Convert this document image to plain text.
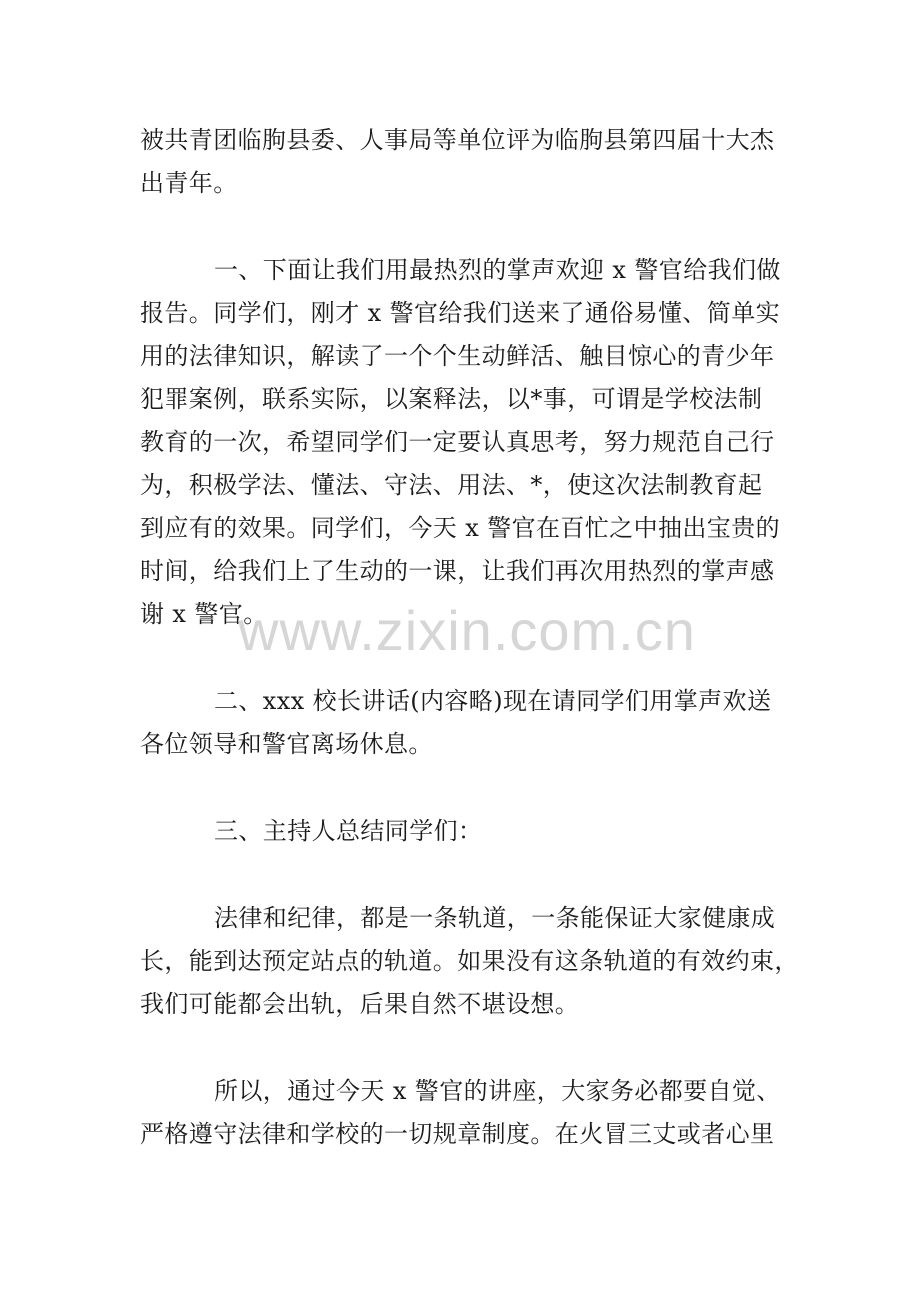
被共青团临朐县委、人事局等单位评为临朐县第四届十大杰
出青年。
一、下面让我们用最热烈的掌声欢迎 x 警官给我们做
报告。同学们，刚才 x 警官给我们送来了通俗易懂、简单实
用的法律知识，解读了一个个生动鲜活、触目惊心的青少年
犯罪案例，联系实际，以案释法，以*事，可谓是学校法制
教育的一次，希望同学们一定要认真思考，努力规范自己行
为，积极学法、懂法、守法、用法、*，使这次法制教育起
到应有的效果。同学们，今天 x 警官在百忙之中抽出宝贵的
时间，给我们上了生动的一课，让我们再次用热烈的掌声感
谢 x 警官。
二、xxx 校长讲话(内容略)现在请同学们用掌声欢送
各位领导和警官离场休息。
三、主持人总结同学们：
法律和纪律，都是一条轨道，一条能保证大家健康成
长，能到达预定站点的轨道。如果没有这条轨道的有效约束，
我们可能都会出轨，后果自然不堪设想。
所以，通过今天 x 警官的讲座，大家务必都要自觉、
严格遵守法律和学校的一切规章制度。在火冒三丈或者心里
www.zixin.com.cn
